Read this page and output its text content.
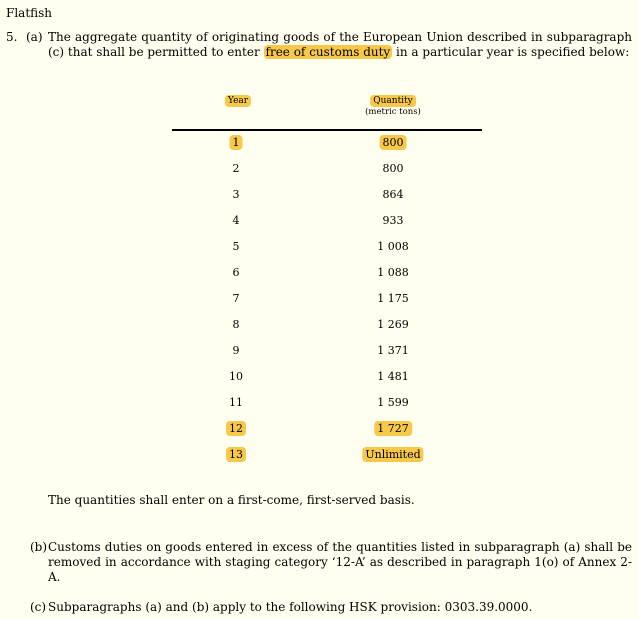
Flatfish
5. (a) The aggregate quantity of originating goods of the European Union described in subparagraph (c) that shall be permitted to enter free of customs duty in a particular year is specified below:
Year	Quantity
(metric tons)
1	800
2	800
3	864
4	933
5	1 008
6	1 088
7	1 175
8	1 269
9	1 371
10	1 481
11	1 599
12	1 727
13	Unlimited
The quantities shall enter on a first-come, first-served basis.
(b) Customs duties on goods entered in excess of the quantities listed in subparagraph (a) shall be removed in accordance with staging category ‘12-A’ as described in paragraph 1(o) of Annex 2-A.
(c) Subparagraphs (a) and (b) apply to the following HSK provision: 0303.39.0000.
